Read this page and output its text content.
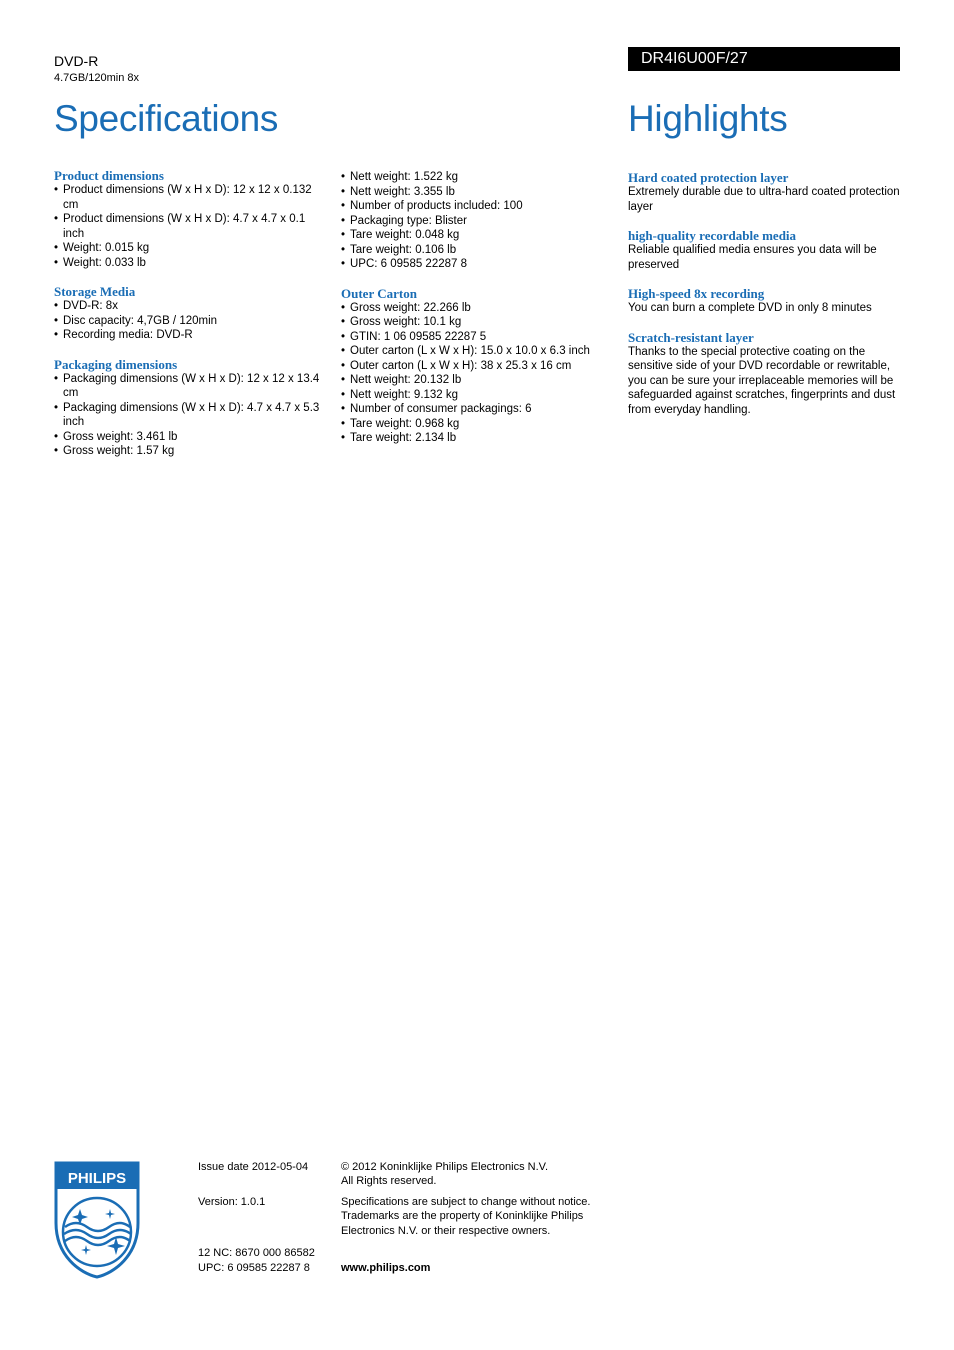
DVD-R
4.7GB/120min 8x
Specifications
DR4I6U00F/27
Highlights
Product dimensions
• Product dimensions (W x H x D): 12 x 12 x 0.132 cm
• Product dimensions (W x H x D): 4.7 x 4.7 x 0.1 inch
• Weight: 0.015 kg
• Weight: 0.033 lb
Storage Media
• DVD-R: 8x
• Disc capacity: 4,7GB / 120min
• Recording media: DVD-R
Packaging dimensions
• Packaging dimensions (W x H x D): 12 x 12 x 13.4 cm
• Packaging dimensions (W x H x D): 4.7 x 4.7 x 5.3 inch
• Gross weight: 3.461 lb
• Gross weight: 1.57 kg
• Nett weight: 1.522 kg
• Nett weight: 3.355 lb
• Number of products included: 100
• Packaging type: Blister
• Tare weight: 0.048 kg
• Tare weight: 0.106 lb
• UPC: 6 09585 22287 8
Outer Carton
• Gross weight: 22.266 lb
• Gross weight: 10.1 kg
• GTIN: 1 06 09585 22287 5
• Outer carton (L x W x H): 15.0 x 10.0 x 6.3 inch
• Outer carton (L x W x H): 38 x 25.3 x 16 cm
• Nett weight: 20.132 lb
• Nett weight: 9.132 kg
• Number of consumer packagings: 6
• Tare weight: 0.968 kg
• Tare weight: 2.134 lb
Hard coated protection layer

Extremely durable due to ultra-hard coated protection layer

high-quality recordable media

Reliable qualified media ensures you data will be preserved

High-speed 8x recording

You can burn a complete DVD in only 8 minutes

Scratch-resistant layer

Thanks to the special protective coating on the sensitive side of your DVD recordable or rewritable, you can be sure your irreplaceable memories will be safeguarded against scratches, fingerprints and dust from everyday handling.

PHILIPS
Issue date 2012-05-04
Version: 1.0.1
12 NC: 8670 000 86582
UPC: 6 09585 22287 8
© 2012 Koninklijke Philips Electronics N.V.
All Rights reserved.
Specifications are subject to change without notice.
Trademarks are the property of Koninklijke Philips
Electronics N.V. or their respective owners.
www.philips.com
